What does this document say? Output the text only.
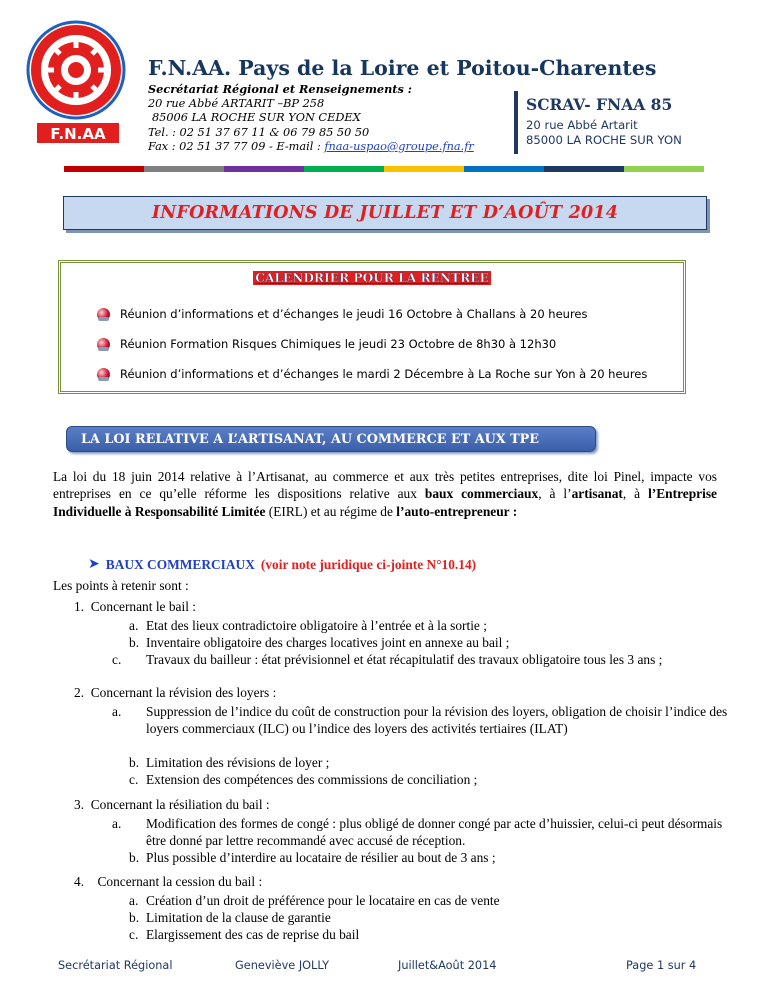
F.N.AA
F.N.AA. Pays de la Loire et Poitou-Charentes
Secrétariat Régional et Renseignements :
20 rue Abbé ARTARIT –BP 258
85006 LA ROCHE SUR YON CEDEX
Tel. : 02 51 37 67 11 & 06 79 85 50 50
Fax : 02 51 37 77 09 - E-mail : fnaa-uspao@groupe.fna.fr
SCRAV- FNAA 85
20 rue Abbé Artarit
85000 LA ROCHE SUR YON
INFORMATIONS DE JUILLET ET D’AOÛT 2014
CALENDRIER POUR LA RENTREE
Réunion d’informations et d’échanges le jeudi 16 Octobre à Challans à 20 heures
Réunion Formation Risques Chimiques le jeudi 23 Octobre de 8h30 à 12h30
Réunion d’informations et d’échanges le mardi 2 Décembre à La Roche sur Yon à 20 heures
LA LOI RELATIVE A L’ARTISANAT, AU COMMERCE ET AUX TPE
La loi du 18 juin 2014 relative à l’Artisanat, au commerce et aux très petites entreprises, dite loi Pinel, impacte vos entreprises en ce qu’elle réforme les dispositions relative aux baux commerciaux, à l’artisanat, à l’Entreprise Individuelle à Responsabilité Limitée (EIRL) et au régime de l’auto-entrepreneur :
➤ BAUX COMMERCIAUX (voir note juridique ci-jointe N°10.14)
Les points à retenir sont :
1. Concernant le bail :
a. Etat des lieux contradictoire obligatoire à l’entrée et à la sortie ;
b. Inventaire obligatoire des charges locatives joint en annexe au bail ;
c. Travaux du bailleur : état prévisionnel et état récapitulatif des travaux obligatoire tous les 3 ans ;
2. Concernant la révision des loyers :
a. Suppression de l’indice du coût de construction pour la révision des loyers, obligation de choisir l’indice des loyers commerciaux (ILC) ou l’indice des loyers des activités tertiaires (ILAT)
b. Limitation des révisions de loyer ;
c. Extension des compétences des commissions de conciliation ;
3. Concernant la résiliation du bail :
a. Modification des formes de congé : plus obligé de donner congé par acte d’huissier, celui-ci peut désormais être donné par lettre recommandé avec accusé de réception.
b. Plus possible d’interdire au locataire de résilier au bout de 3 ans ;
4. Concernant la cession du bail :
a. Création d’un droit de préférence pour le locataire en cas de vente
b. Limitation de la clause de garantie
c. Elargissement des cas de reprise du bail
Secrétariat Régional	Geneviève JOLLY	Juillet&Août 2014	Page 1 sur 4
